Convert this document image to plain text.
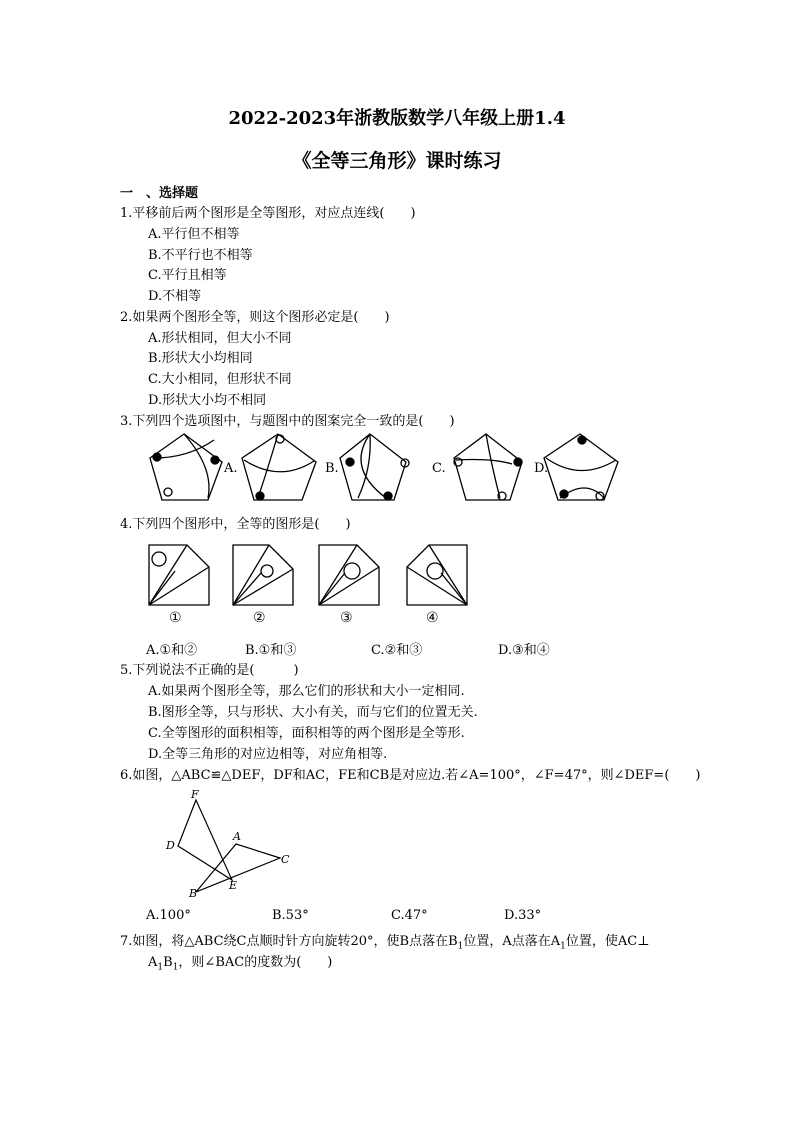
2022-2023年浙教版数学八年级上册1.4
《全等三角形》课时练习
一　、选择题
1.平移前后两个图形是全等图形，对应点连线(　　)
A.平行但不相等
B.不平行也不相等
C.平行且相等
D.不相等
2.如果两个图形全等，则这个图形必定是(　　)
A.形状相同，但大小不同
B.形状大小均相同
C.大小相同，但形状不同
D.形状大小均不相同
3.下列四个选项图中，与题图中的图案完全一致的是(　　)
A.	B.	C.	D.
4.下列四个图形中，全等的图形是(　　)
①	②	③	④
A.①和②	B.①和③	C.②和③	D.③和④
5.下列说法不正确的是(　　　)
A.如果两个图形全等，那么它们的形状和大小一定相同.
B.图形全等，只与形状、大小有关，而与它们的位置无关.
C.全等图形的面积相等，面积相等的两个图形是全等形.
D.全等三角形的对应边相等，对应角相等.
6.如图，△ABC≌△DEF，DF和AC，FE和CB是对应边.若∠A=100°，∠F=47°，则∠DEF=(　　)
F
D
A
C
B
E
A.100°	B.53°	C.47°	D.33°
7.如图，将△ABC绕C点顺时针方向旋转20°，使B点落在$B_1$位置，A点落在$A_1$位置，使AC⊥
$A_1B_1$，则∠BAC的度数为(　　)
